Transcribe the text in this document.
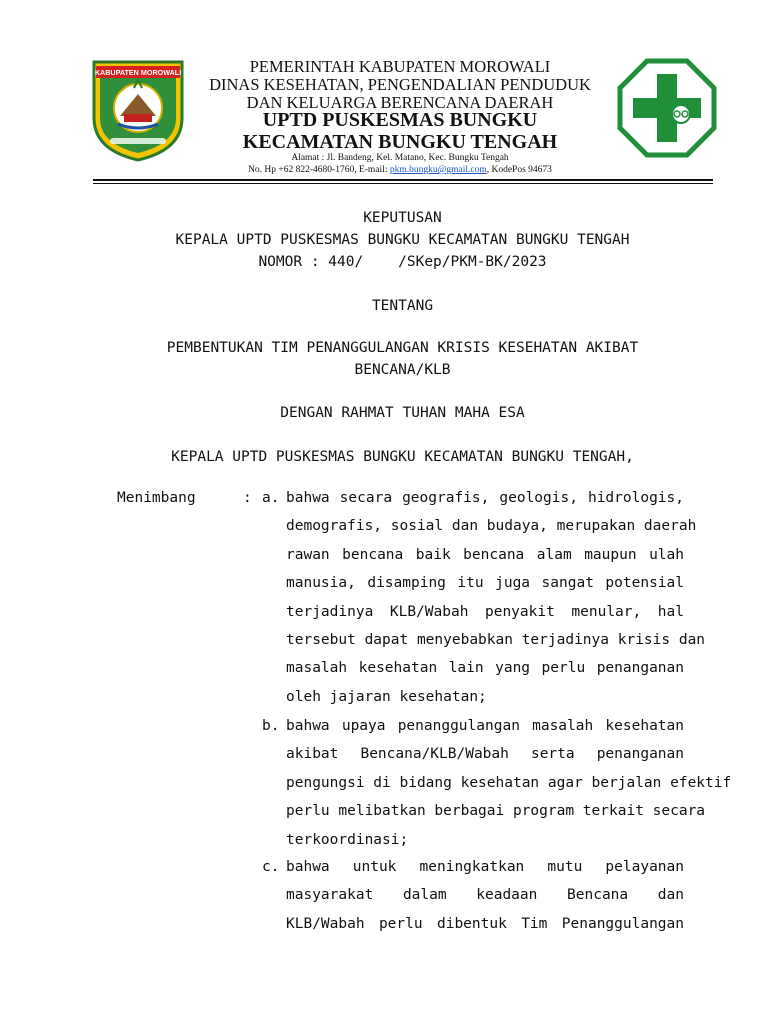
KABUPATEN MOROWALI	PEMERINTAH KABUPATEN MOROWALI
DINAS KESEHATAN, PENGENDALIAN PENDUDUK
DAN KELUARGA BERENCANA DAERAH
UPTD PUSKESMAS BUNGKU
KECAMATAN BUNGKU TENGAH
Alamat : Jl. Bandeng, Kel. Matano, Kec. Bungku Tengah
No. Hp +62 822-4680-1760, E-mail: pkm.bungku@gmail.com, KodePos 94673
KEPUTUSAN
KEPALA UPTD PUSKESMAS BUNGKU KECAMATAN BUNGKU TENGAH
NOMOR : 440/    /SKep/PKM-BK/2023
TENTANG
PEMBENTUKAN TIM PENANGGULANGAN KRISIS KESEHATAN AKIBAT
BENCANA/KLB
DENGAN RAHMAT TUHAN MAHA ESA
KEPALA UPTD PUSKESMAS BUNGKU KECAMATAN BUNGKU TENGAH,
Menimbang	: a. bahwa secara geografis, geologis, hidrologis,
demografis, sosial dan budaya, merupakan daerah
rawan bencana baik bencana alam maupun ulah
manusia, disamping itu juga sangat potensial
terjadinya KLB/Wabah penyakit menular, hal
tersebut dapat menyebabkan terjadinya krisis dan
masalah kesehatan lain yang perlu penanganan
oleh jajaran kesehatan;
b. bahwa upaya penanggulangan masalah kesehatan
akibat Bencana/KLB/Wabah serta penanganan
pengungsi di bidang kesehatan agar berjalan efektif
perlu melibatkan berbagai program terkait secara
terkoordinasi;
c. bahwa untuk meningkatkan mutu pelayanan
masyarakat dalam keadaan Bencana dan
KLB/Wabah perlu dibentuk Tim Penanggulangan
